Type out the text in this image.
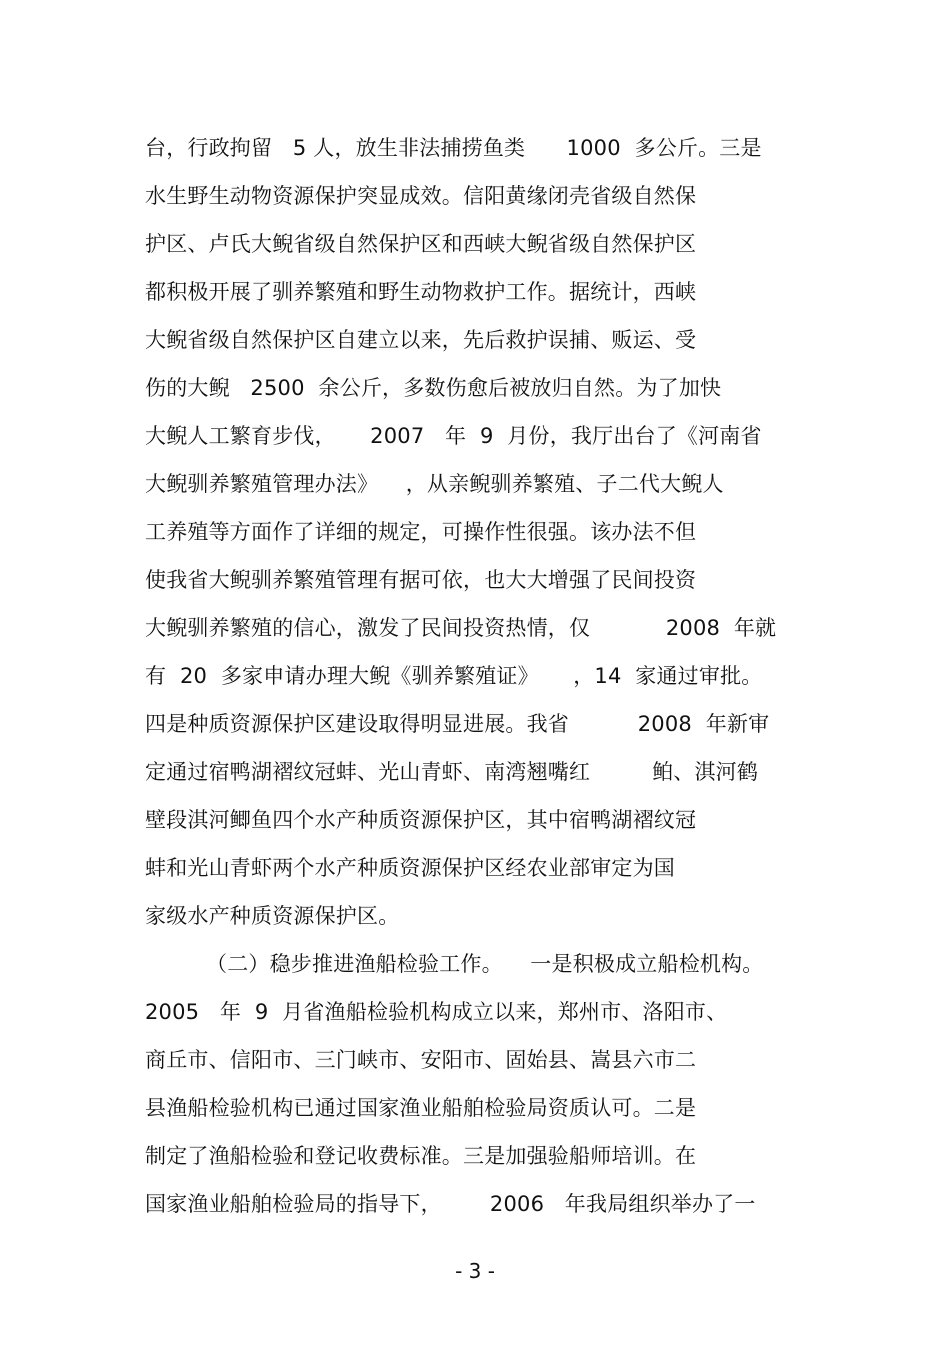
台，行政拘留   5 人，放生非法捕捞鱼类      1000  多公斤。三是

水生野生动物资源保护突显成效。信阳黄缘闭壳省级自然保

护区、卢氏大鲵省级自然保护区和西峡大鲵省级自然保护区

都积极开展了驯养繁殖和野生动物救护工作。据统计，西峡

大鲵省级自然保护区自建立以来，先后救护误捕、贩运、受

伤的大鲵   2500  余公斤，多数伤愈后被放归自然。为了加快

大鲵人工繁育步伐，     2007   年  9  月份，我厅出台了《河南省

大鲵驯养繁殖管理办法》    ，从亲鲵驯养繁殖、子二代大鲵人

工养殖等方面作了详细的规定，可操作性很强。该办法不但

使我省大鲵驯养繁殖管理有据可依，也大大增强了民间投资

大鲵驯养繁殖的信心，激发了民间投资热情，仅           2008  年就

有  20  多家申请办理大鲵《驯养繁殖证》     ，14  家通过审批。

四是种质资源保护区建设取得明显进展。我省          2008  年新审

定通过宿鸭湖褶纹冠蚌、光山青虾、南湾翘嘴红         鲌、淇河鹤

壁段淇河鲫鱼四个水产种质资源保护区，其中宿鸭湖褶纹冠

蚌和光山青虾两个水产种质资源保护区经农业部审定为国

家级水产种质资源保护区。

（二）稳步推进渔船检验工作。    一是积极成立船检机构。

2005   年  9  月省渔船检验机构成立以来，郑州市、洛阳市、

商丘市、信阳市、三门峡市、安阳市、固始县、嵩县六市二

县渔船检验机构已通过国家渔业船舶检验局资质认可。二是

制定了渔船检验和登记收费标准。三是加强验船师培训。在

国家渔业船舶检验局的指导下，       2006   年我局组织举办了一

- 3 -
